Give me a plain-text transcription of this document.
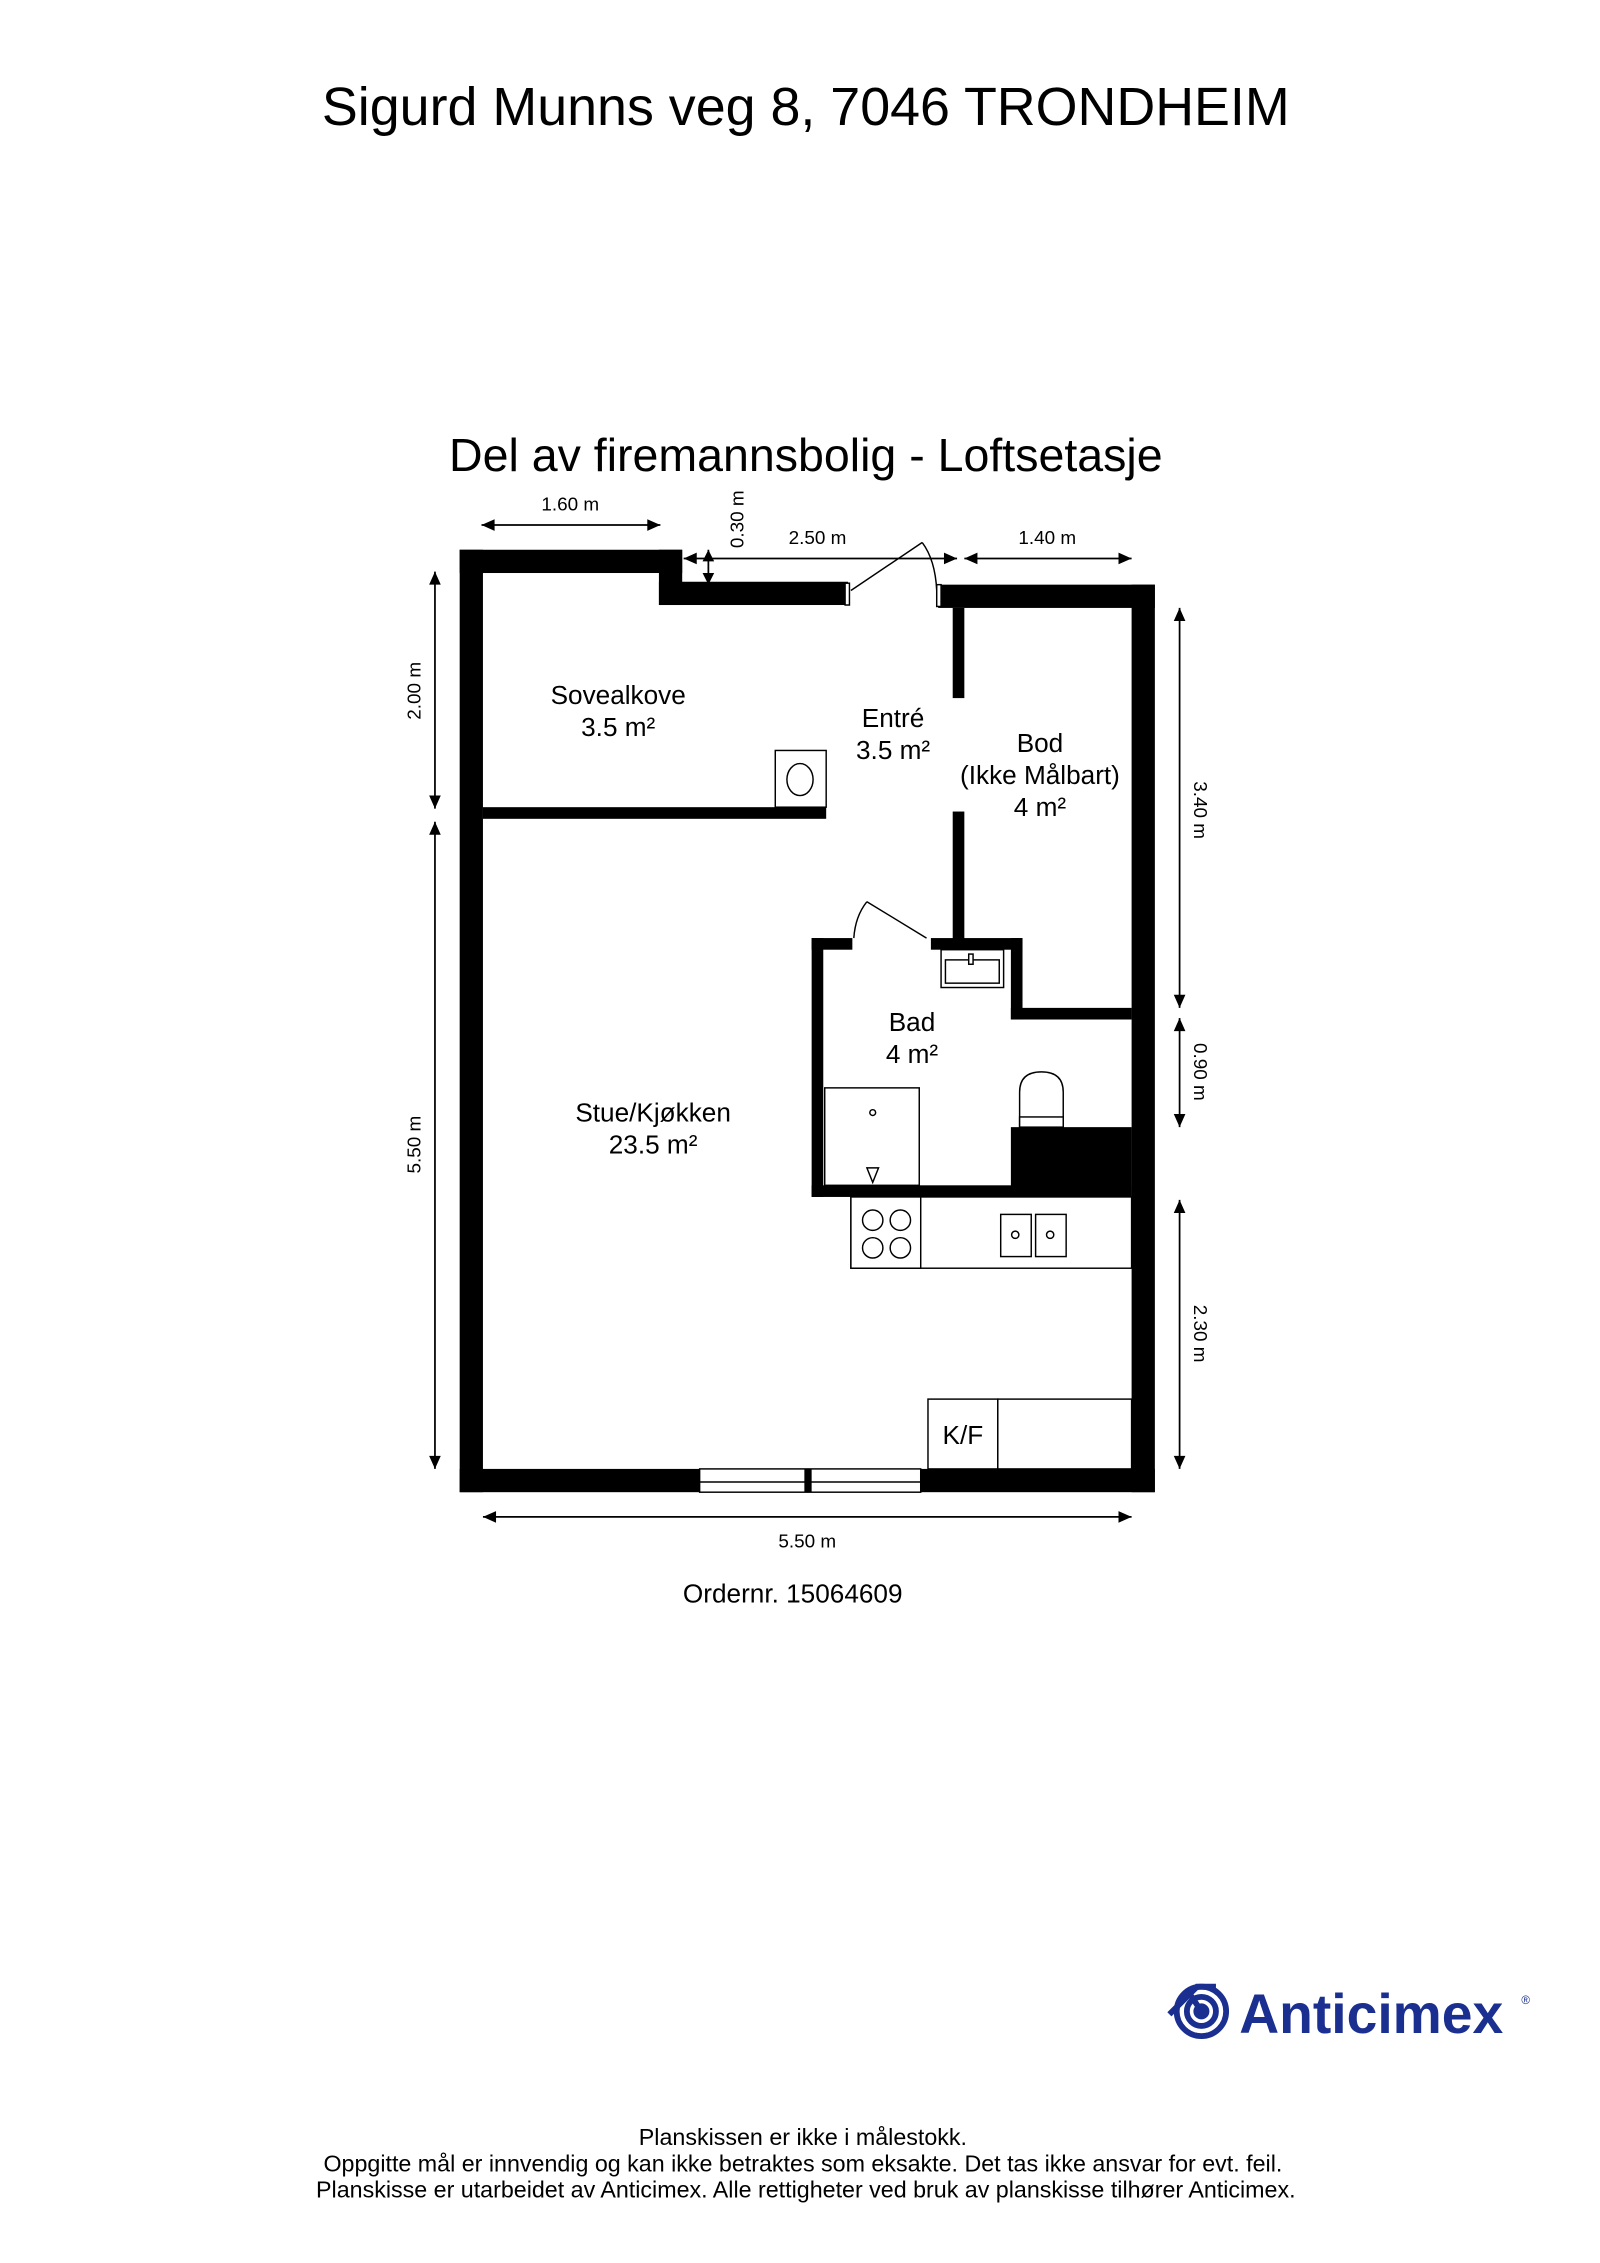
Sigurd Munns veg 8, 7046 TRONDHEIM
Del av firemannsbolig - Loftsetasje
K/F
Sovealkove
3.5 m²	Entré
3.5 m²	Bod
(Ikke Målbart)
4 m²
Bad
4 m²
Stue/Kjøkken
23.5 m²
1.60 m	0.30 m	2.50 m	1.40 m
2.00 m
5.50 m
3.40 m
0.90 m
2.30 m
5.50 m
Ordernr. 15064609
Anticimex ®
Planskissen er ikke i målestokk.
Oppgitte mål er innvendig og kan ikke betraktes som eksakte. Det tas ikke ansvar for evt. feil.
Planskisse er utarbeidet av Anticimex. Alle rettigheter ved bruk av planskisse tilhører Anticimex.
